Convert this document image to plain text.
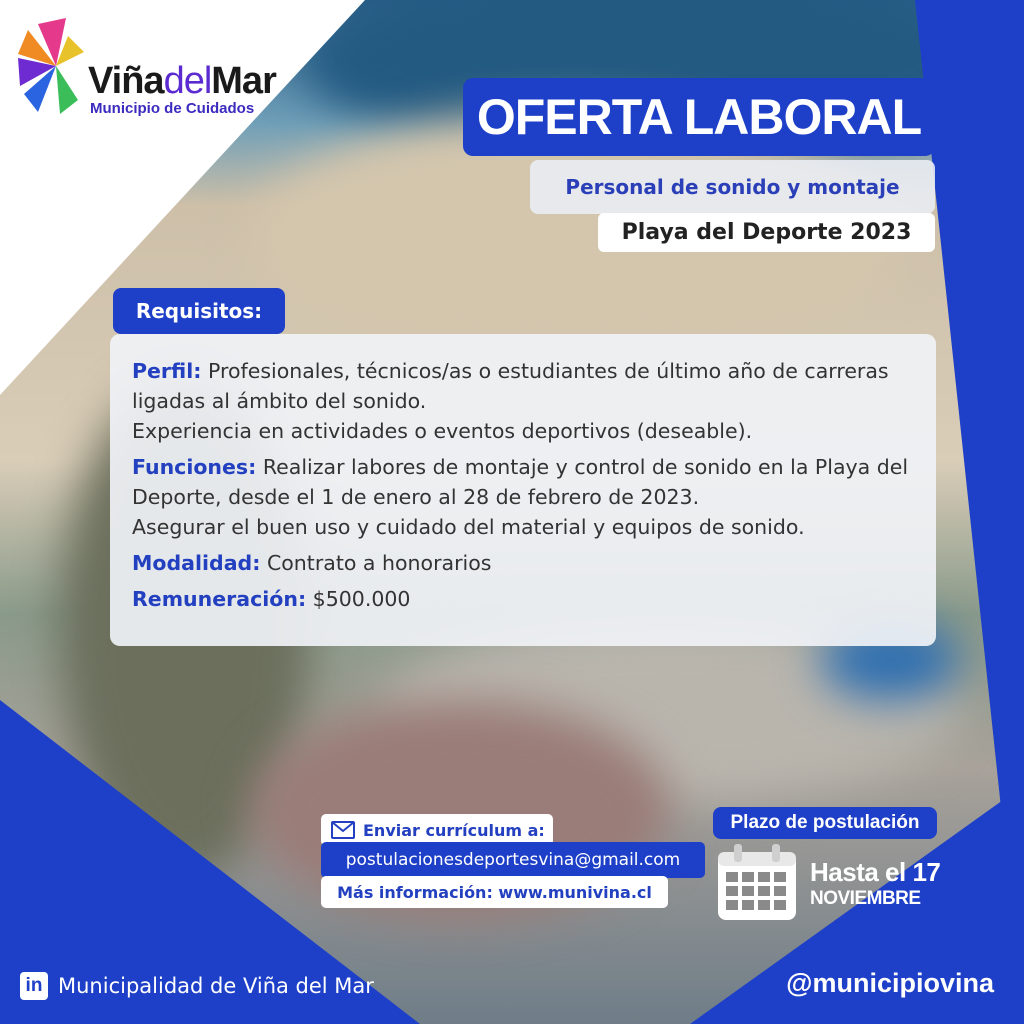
ViñadelMar
Municipio de Cuidados	OFERTA LABORAL
Personal de sonido y montaje
Playa del Deporte 2023
Requisitos:

Perfil: Profesionales, técnicos/as o estudiantes de último año de carreras ligadas al ámbito del sonido.
Experiencia en actividades o eventos deportivos (deseable).

Funciones: Realizar labores de montaje y control de sonido en la Playa del Deporte, desde el 1 de enero al 28 de febrero de 2023.
Asegurar el buen uso y cuidado del material y equipos de sonido.

Modalidad: Contrato a honorarios

Remuneración: $500.000

Enviar currículum a:
postulacionesdeportesvina@gmail.com
Más información: www.munivina.cl
Plazo de postulación
Hasta el 17
NOVIEMBRE
in Municipalidad de Viña del Mar	@municipiovina
